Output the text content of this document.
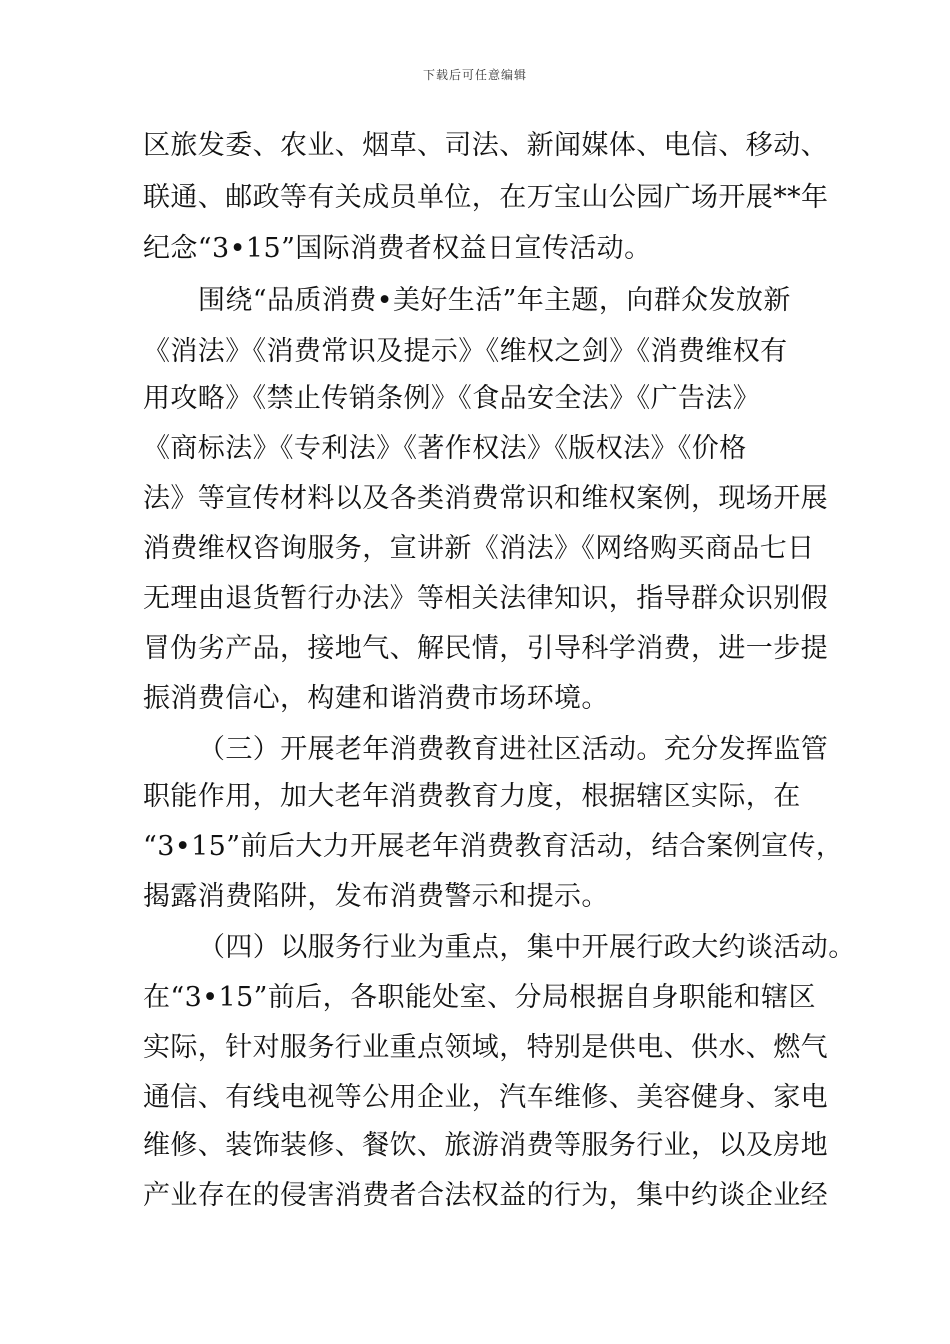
下载后可任意编辑
区旅发委、农业、烟草、司法、新闻媒体、电信、移动、
联通、邮政等有关成员单位，在万宝山公园广场开展**年
纪念“3•15”国际消费者权益日宣传活动。
围绕“品质消费•美好生活”年主题，向群众发放新
《消法》《消费常识及提示》《维权之剑》《消费维权有
用攻略》《禁止传销条例》《食品安全法》《广告法》
《商标法》《专利法》《著作权法》《版权法》《价格
法》等宣传材料以及各类消费常识和维权案例，现场开展
消费维权咨询服务，宣讲新《消法》《网络购买商品七日
无理由退货暂行办法》等相关法律知识，指导群众识别假
冒伪劣产品，接地气、解民情，引导科学消费，进一步提
振消费信心，构建和谐消费市场环境。
（三）开展老年消费教育进社区活动。充分发挥监管
职能作用，加大老年消费教育力度，根据辖区实际，在
“3•15”前后大力开展老年消费教育活动，结合案例宣传，
揭露消费陷阱，发布消费警示和提示。
（四）以服务行业为重点，集中开展行政大约谈活动。
在“3•15”前后，各职能处室、分局根据自身职能和辖区
实际，针对服务行业重点领域，特别是供电、供水、燃气
通信、有线电视等公用企业，汽车维修、美容健身、家电
维修、装饰装修、餐饮、旅游消费等服务行业，以及房地
产业存在的侵害消费者合法权益的行为，集中约谈企业经
